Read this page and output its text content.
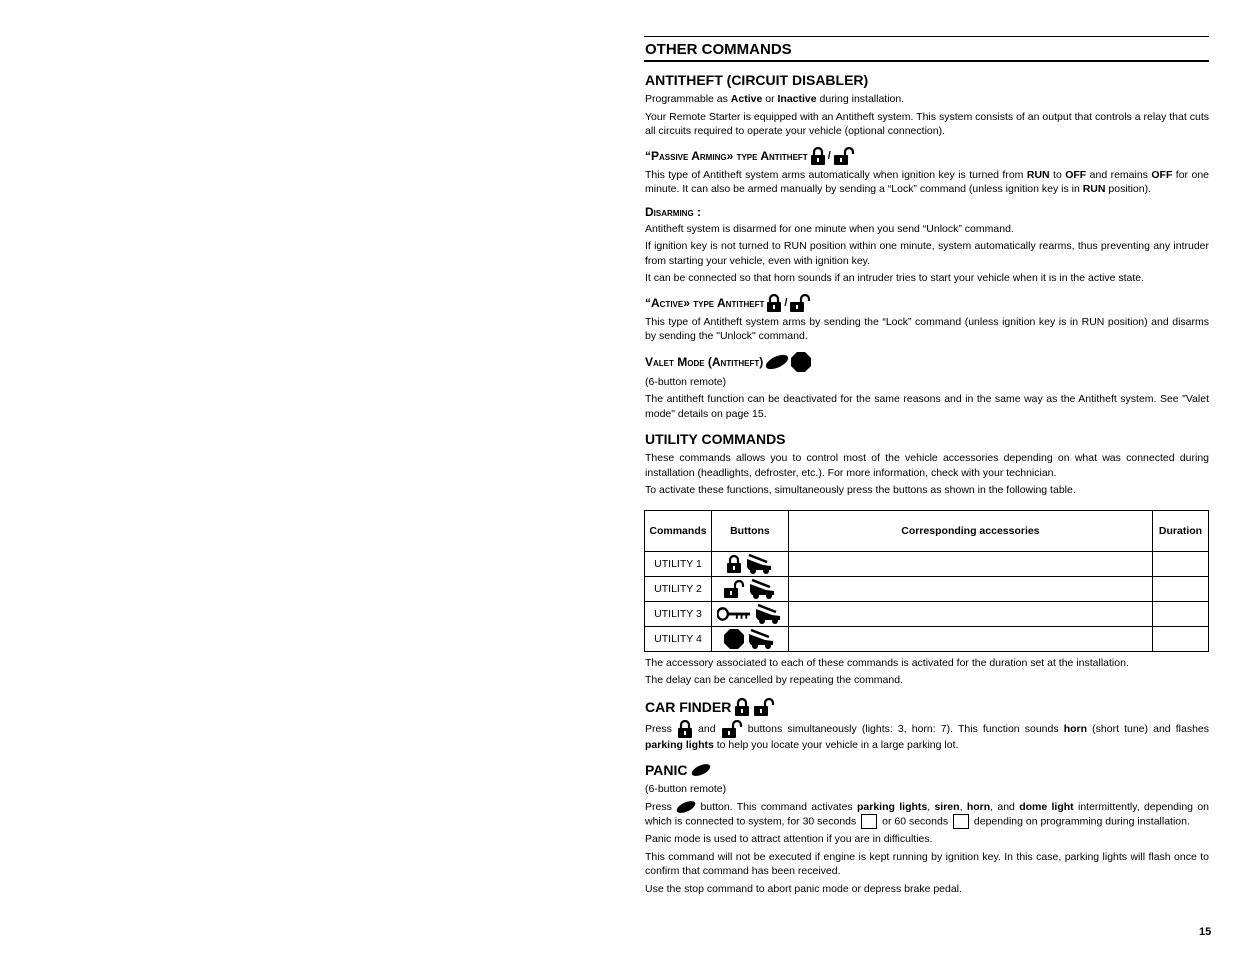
OTHER COMMANDS
ANTITHEFT (CIRCUIT DISABLER)

Programmable as Active or Inactive during installation.

Your Remote Starter is equipped with an Antitheft system. This system consists of an output that controls a relay that cuts all circuits required to operate your vehicle (optional connection).

“Passive Arming» type Antitheft /

This type of Antitheft system arms automatically when ignition key is turned from RUN to OFF and remains OFF for one minute. It can also be armed manually by sending a “Lock” command (unless ignition key is in RUN position).

Disarming :

Antitheft system is disarmed for one minute when you send “Unlock” command.

If ignition key is not turned to RUN position within one minute, system automatically rearms, thus preventing any intruder from starting your vehicle, even with ignition key.

It can be connected so that horn sounds if an intruder tries to start your vehicle when it is in the active state.

“Active» type Antitheft /

This type of Antitheft system arms by sending the “Lock” command (unless ignition key is in RUN position) and disarms by sending the "Unlock" command.

Valet Mode (Antitheft)

(6-button remote)

The antitheft function can be deactivated for the same reasons and in the same way as the Antitheft system. See "Valet mode" details on page 15.

UTILITY COMMANDS

These commands allows you to control most of the vehicle accessories depending on what was connected during installation (headlights, defroster, etc.). For more information, check with your technician.

To activate these functions, simultaneously press the buttons as shown in the following table.

Commands	Buttons	Corresponding accessories	Duration
UTILITY 1			
UTILITY 2			
UTILITY 3			
UTILITY 4			

The accessory associated to each of these commands is activated for the duration set at the installation.

The delay can be cancelled by repeating the command.

CAR FINDER

Press  and  buttons simultaneously (lights: 3, horn: 7). This function sounds horn (short tune) and flashes parking lights to help you locate your vehicle in a large parking lot.

PANIC

(6-button remote)

Press  button. This command activates parking lights, siren, horn, and dome light intermittently, depending on which is connected to system, for 30 seconds  or 60 seconds  depending on programming during installation.

Panic mode is used to attract attention if you are in difficulties.

This command will not be executed if engine is kept running by ignition key. In this case, parking lights will flash once to confirm that command has been received.

Use the stop command to abort panic mode or depress brake pedal.

15
